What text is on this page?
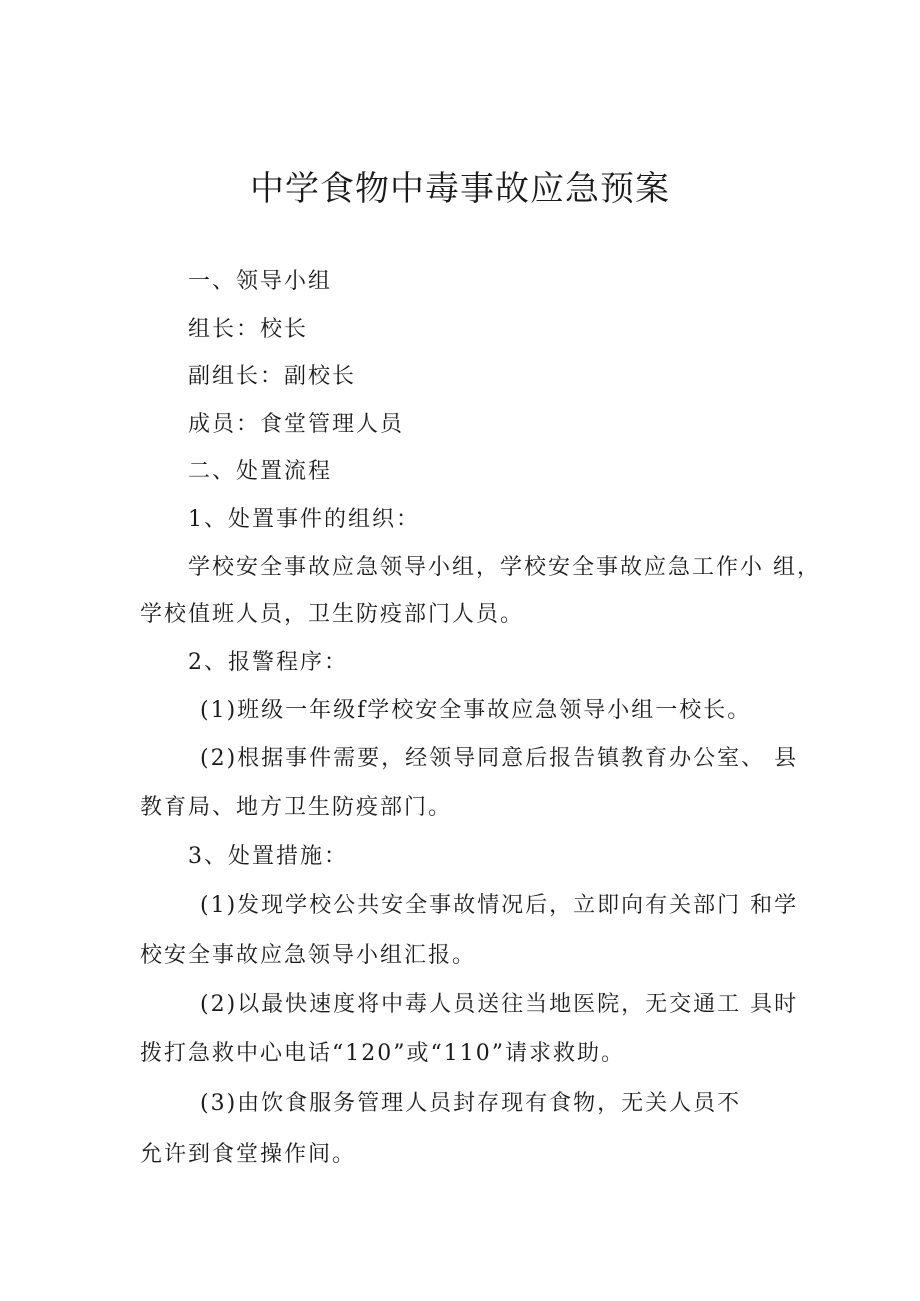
中学食物中毒事故应急预案
一、领导小组
组长：校长
副组长：副校长
成员：食堂管理人员
二、处置流程
1、处置事件的组织：
学校安全事故应急领导小组，学校安全事故应急工作小 组，
学校值班人员，卫生防疫部门人员。
2、报警程序：
(1)班级一年级f学校安全事故应急领导小组一校长。
(2)根据事件需要，经领导同意后报告镇教育办公室、 县
教育局、地方卫生防疫部门。
3、处置措施：
(1)发现学校公共安全事故情况后，立即向有关部门 和学
校安全事故应急领导小组汇报。
(2)以最快速度将中毒人员送往当地医院，无交通工 具时
拨打急救中心电话“120”或“110”请求救助。
(3)由饮食服务管理人员封存现有食物，无关人员不
允许到食堂操作间。
